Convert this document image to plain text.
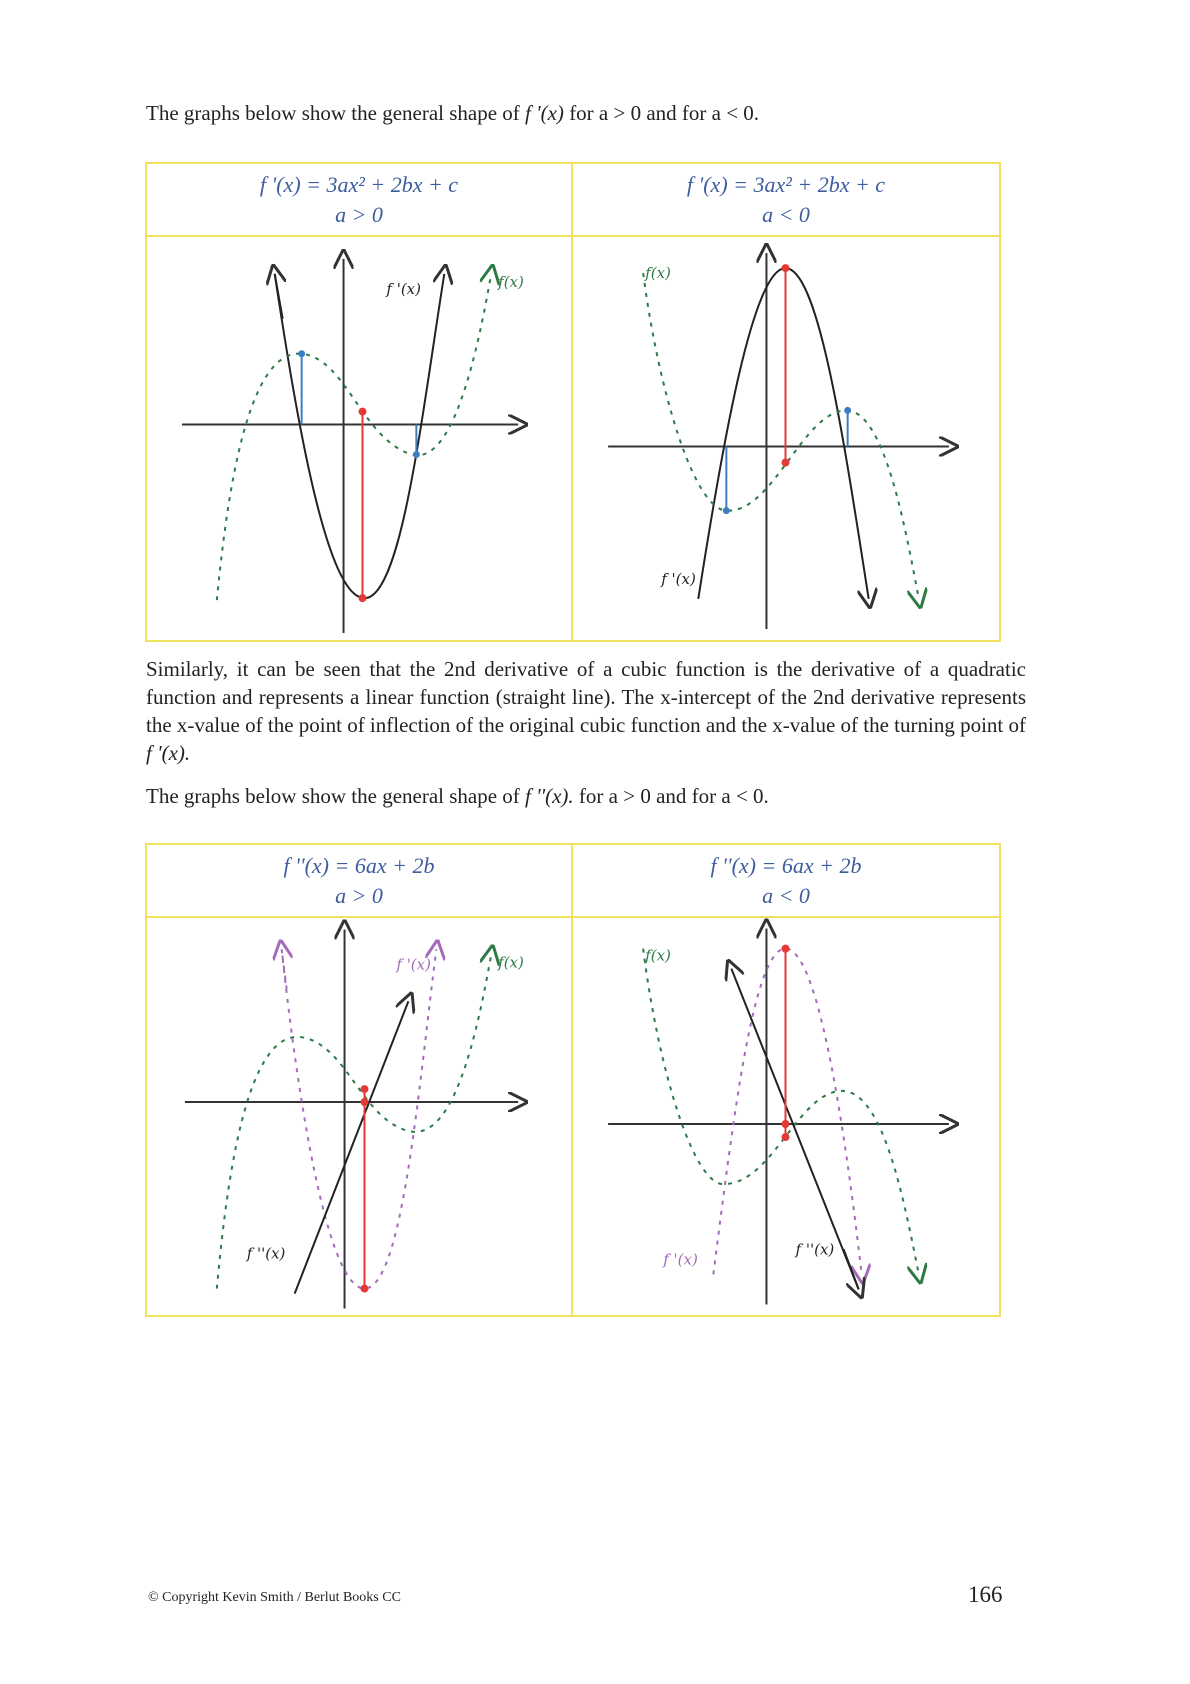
The graphs below show the general shape of f '(x) for a > 0 and for a < 0.
f '(x) = 3ax² + 2bx + c
a > 0
f '(x) = 3ax² + 2bx + c
a < 0
f '(x)	f(x)	f(x)
f '(x)
Similarly, it can be seen that the 2nd derivative of a cubic function is the derivative of a quadratic function and represents a linear function (straight line). The x-intercept of the 2nd derivative represents the x-value of the point of inflection of the original cubic function and the x-value of the turning point of f '(x).
The graphs below show the general shape of f ''(x). for a > 0 and for a < 0.
f ''(x) = 6ax + 2b
a > 0
f ''(x) = 6ax + 2b
a < 0
f ''(x)
f '(x)	f(x)	f(x)
f '(x)
f ''(x)
© Copyright Kevin Smith / Berlut Books CC	166
